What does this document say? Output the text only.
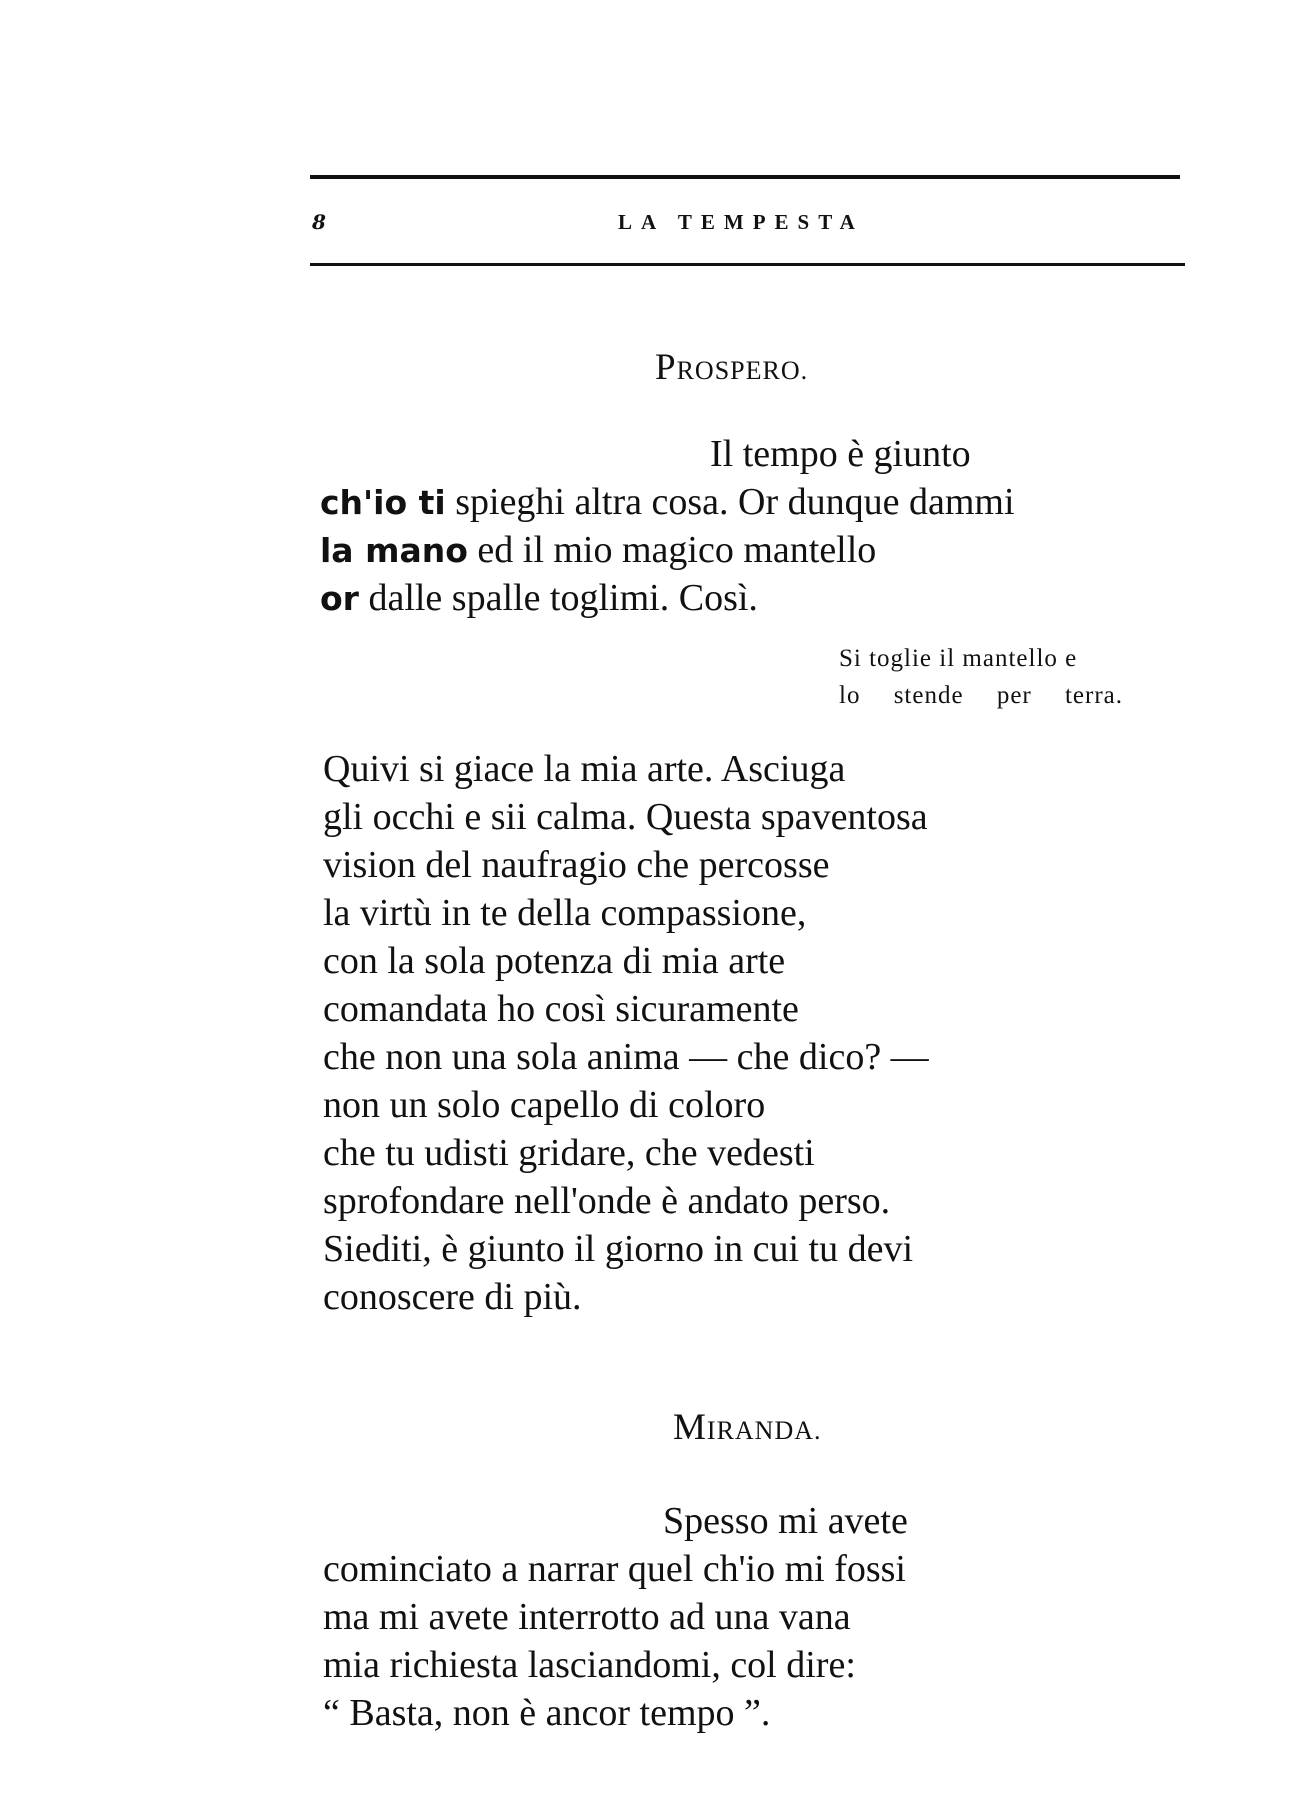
8	LA TEMPESTA
PROSPERO.
Il tempo è giunto
ch'io ti spieghi altra cosa. Or dunque dammi
la mano ed il mio magico mantello
or dalle spalle toglimi. Così.
Si toglie il mantello e
lo stende per terra.
Quivi si giace la mia arte. Asciuga
gli occhi e sii calma. Questa spaventosa
vision del naufragio che percosse
la virtù in te della compassione,
con la sola potenza di mia arte
comandata ho così sicuramente
che non una sola anima — che dico? —
non un solo capello di coloro
che tu udisti gridare, che vedesti
sprofondare nell'onde è andato perso.
Siediti, è giunto il giorno in cui tu devi
conoscere di più.
MIRANDA.
Spesso mi avete
cominciato a narrar quel ch'io mi fossi
ma mi avete interrotto ad una vana
mia richiesta lasciandomi, col dire:
“ Basta, non è ancor tempo ”.
